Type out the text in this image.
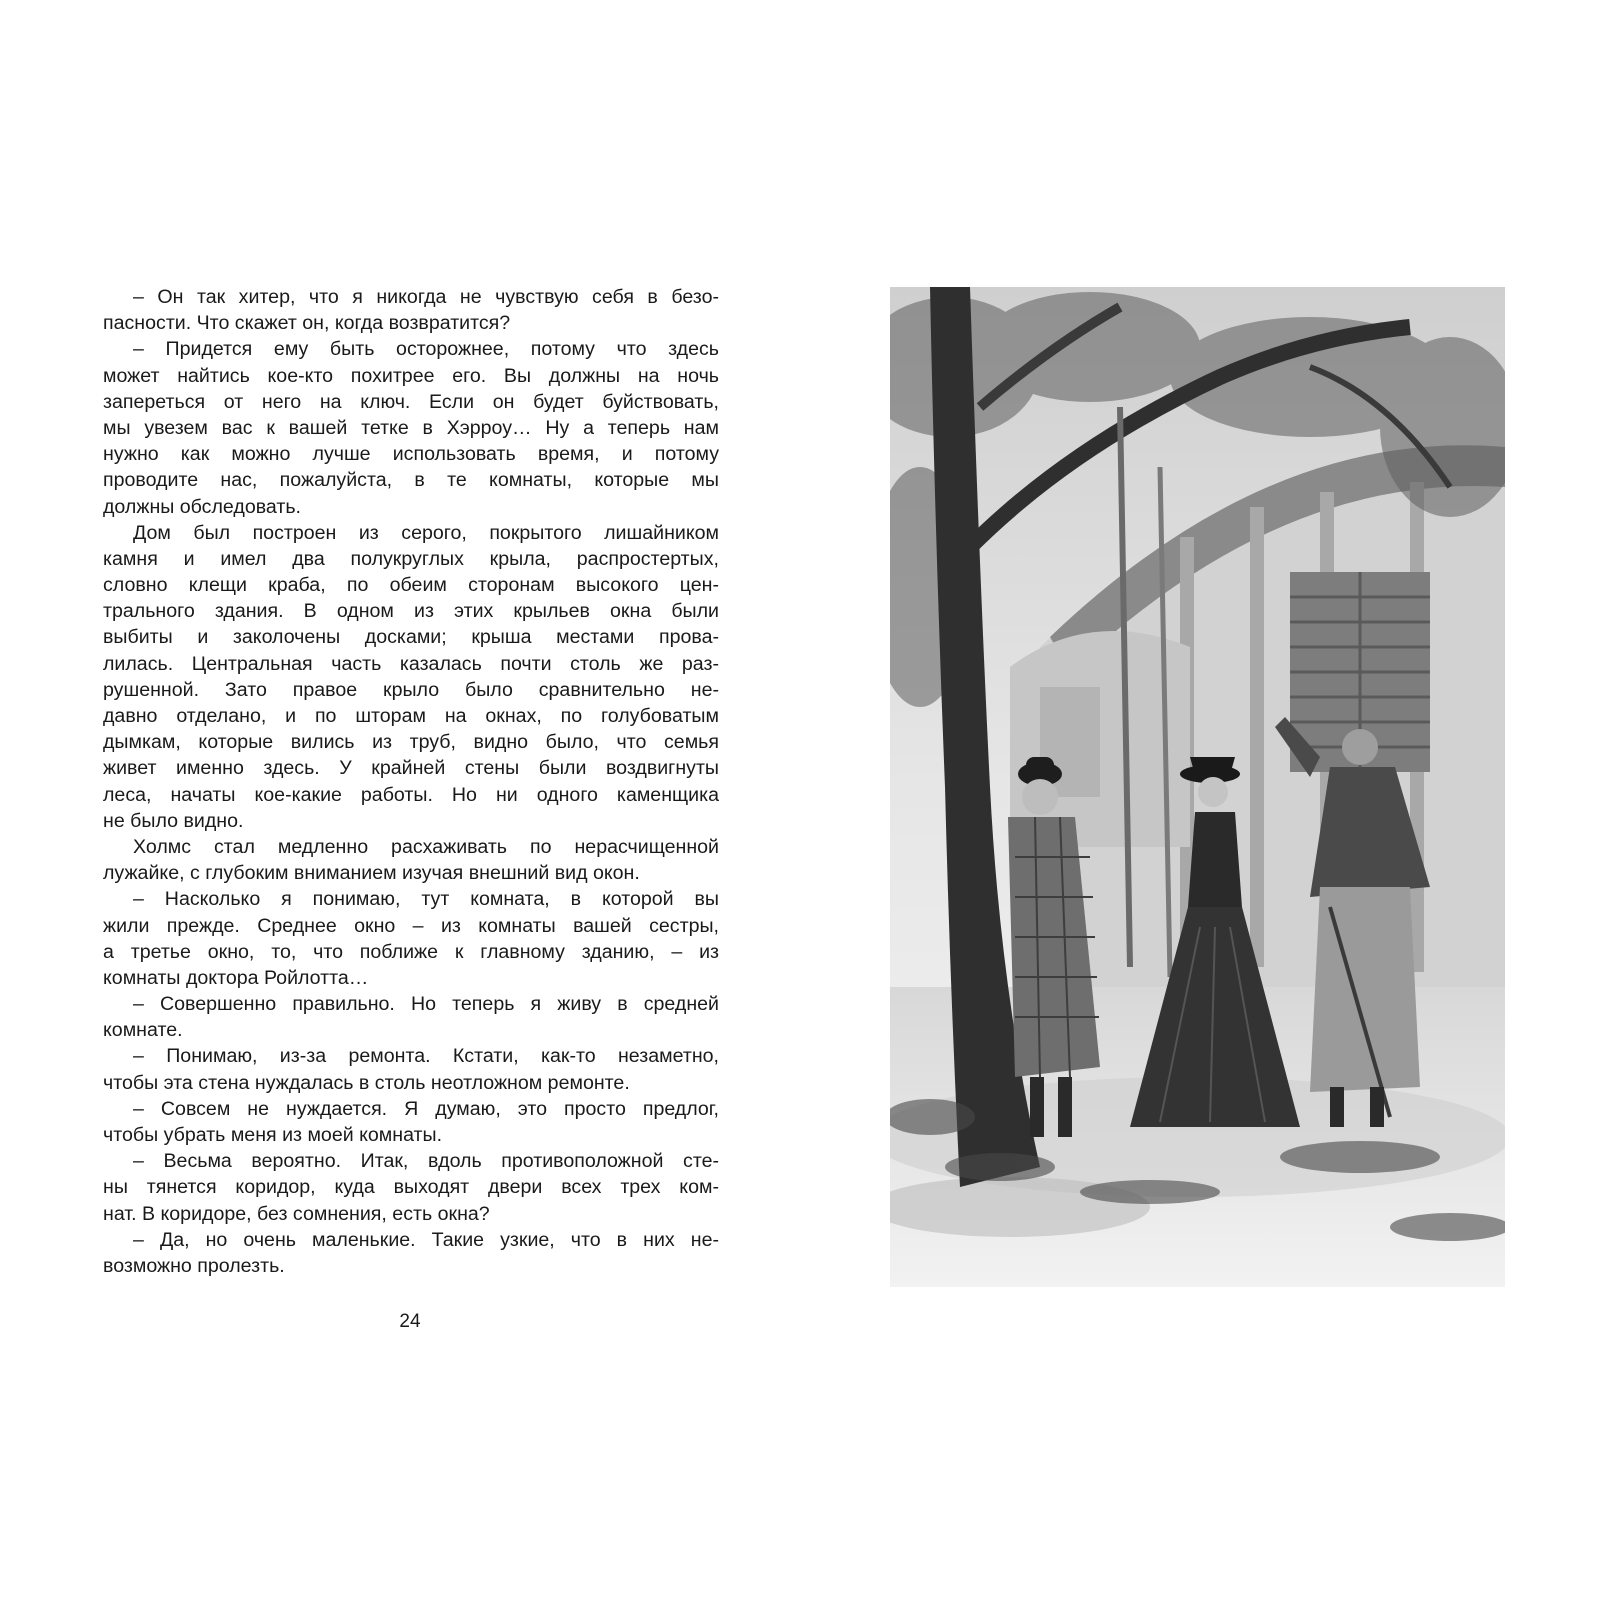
– Он так хитер, что я никогда не чувствую себя в безо-
пасности. Что скажет он, когда возвратится?
– Придется ему быть осторожнее, потому что здесь
может найтись кое-кто похитрее его. Вы должны на ночь
запереться от него на ключ. Если он будет буйствовать,
мы увезем вас к вашей тетке в Хэрроу… Ну а теперь нам
нужно как можно лучше использовать время, и потому
проводите нас, пожалуйста, в те комнаты, которые мы
должны обследовать.
Дом был построен из серого, покрытого лишайником
камня и имел два полукруглых крыла, распростертых,
словно клещи краба, по обеим сторонам высокого цен-
трального здания. В одном из этих крыльев окна были
выбиты и заколочены досками; крыша местами прова-
лилась. Центральная часть казалась почти столь же раз-
рушенной. Зато правое крыло было сравнительно не-
давно отделано, и по шторам на окнах, по голубоватым
дымкам, которые вились из труб, видно было, что семья
живет именно здесь. У крайней стены были воздвигнуты
леса, начаты кое-какие работы. Но ни одного каменщика
не было видно.
Холмс стал медленно расхаживать по нерасчищенной
лужайке, с глубоким вниманием изучая внешний вид окон.
– Насколько я понимаю, тут комната, в которой вы
жили прежде. Среднее окно – из комнаты вашей сестры,
а третье окно, то, что поближе к главному зданию, – из
комнаты доктора Ройлотта…
– Совершенно правильно. Но теперь я живу в средней
комнате.
– Понимаю, из-за ремонта. Кстати, как-то незаметно,
чтобы эта стена нуждалась в столь неотложном ремонте.
– Совсем не нуждается. Я думаю, это просто предлог,
чтобы убрать меня из моей комнаты.
– Весьма вероятно. Итак, вдоль противоположной сте-
ны тянется коридор, куда выходят двери всех трех ком-
нат. В коридоре, без сомнения, есть окна?
– Да, но очень маленькие. Такие узкие, что в них не-
возможно пролезть.
24
